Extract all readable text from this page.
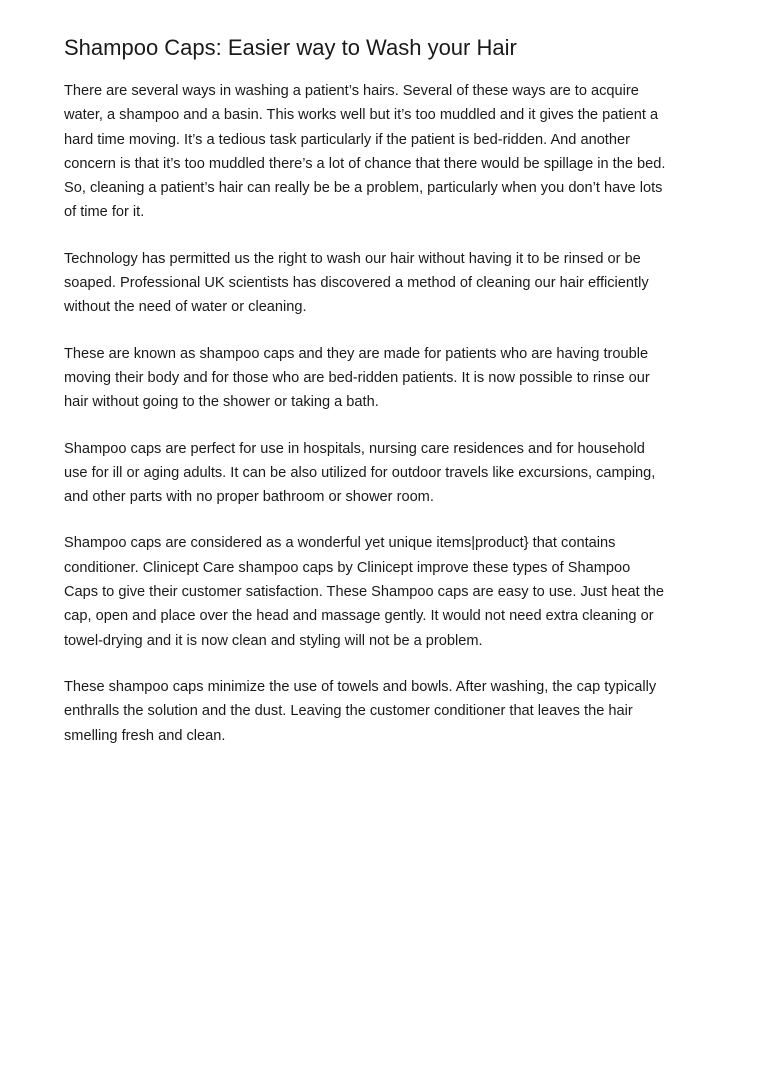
Shampoo Caps: Easier way to Wash your Hair

There are several ways in washing a patient’s hairs. Several of these ways are to acquire
water, a shampoo and a basin. This works well but it’s too muddled and it gives the patient a
hard time moving. It’s a tedious task particularly if the patient is bed-ridden. And another
concern is that it’s too muddled there’s a lot of chance that there would be spillage in the bed.
So, cleaning a patient’s hair can really be be a problem, particularly when you don’t have lots
of time for it.

Technology has permitted us the right to wash our hair without having it to be rinsed or be
soaped. Professional UK scientists has discovered a method of cleaning our hair efficiently
without the need of water or cleaning.

These are known as shampoo caps and they are made for patients who are having trouble
moving their body and for those who are bed-ridden patients. It is now possible to rinse our
hair without going to the shower or taking a bath.

Shampoo caps are perfect for use in hospitals, nursing care residences and for household
use for ill or aging adults. It can be also utilized for outdoor travels like excursions, camping,
and other parts with no proper bathroom or shower room.

Shampoo caps are considered as a wonderful yet unique items|product} that contains
conditioner. Clinicept Care shampoo caps by Clinicept improve these types of Shampoo
Caps to give their customer satisfaction. These Shampoo caps are easy to use. Just heat the
cap, open and place over the head and massage gently. It would not need extra cleaning or
towel-drying and it is now clean and styling will not be a problem.

These shampoo caps minimize the use of towels and bowls. After washing, the cap typically
enthralls the solution and the dust. Leaving the customer conditioner that leaves the hair
smelling fresh and clean.
